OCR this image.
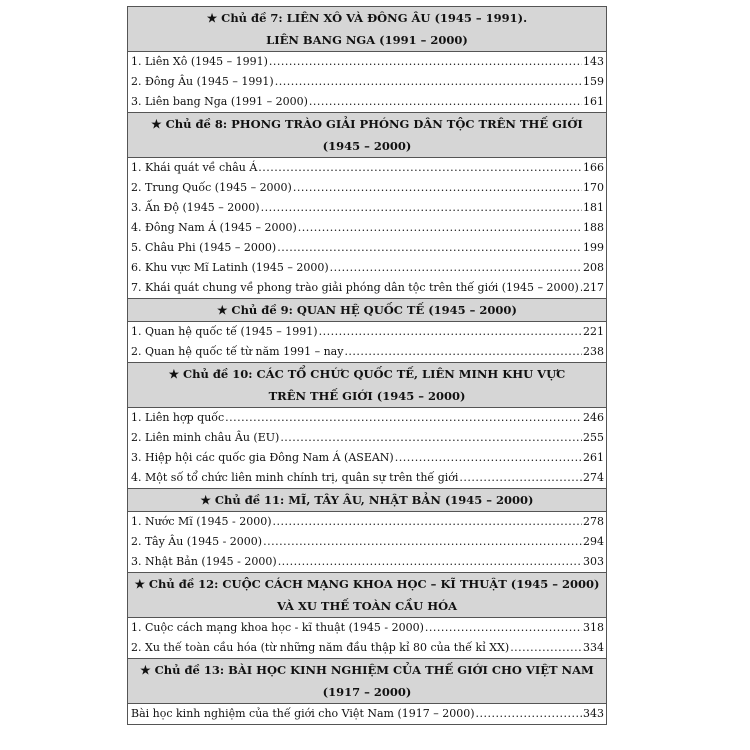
★ Chủ đề 7: LIÊN XÔ VÀ ĐÔNG ÂU (1945 – 1991).
LIÊN BANG NGA (1991 – 2000)
1. Liên Xô (1945 – 1991) .....	143
2. Đông Âu (1945 – 1991) .....	159
3. Liên bang Nga (1991 – 2000) .....	161
★ Chủ đề 8: PHONG TRÀO GIẢI PHÓNG DÂN TỘC TRÊN THẾ GIỚI
(1945 – 2000)
1. Khái quát về châu Á .....	166
2. Trung Quốc (1945 – 2000) .....	170
3. Ấn Độ (1945 – 2000) .....	181
4. Đông Nam Á (1945 – 2000) .....	188
5. Châu Phi (1945 – 2000) .....	199
6. Khu vực Mĩ Latinh (1945 – 2000) .....	208
7. Khái quát chung về phong trào giải phóng dân tộc trên thế giới (1945 – 2000) ..... 217
★ Chủ đề 9: QUAN HỆ QUỐC TẾ (1945 – 2000)
1. Quan hệ quốc tế (1945 – 1991) .....	221
2. Quan hệ quốc tế từ năm 1991 – nay .....	238
★ Chủ đề 10: CÁC TỔ CHỨC QUỐC TẾ, LIÊN MINH KHU VỰC
TRÊN THẾ GIỚI (1945 – 2000)
1. Liên hợp quốc .....	246
2. Liên minh châu Âu (EU) .....	255
3. Hiệp hội các quốc gia Đông Nam Á (ASEAN) .....	261
4. Một số tổ chức liên minh chính trị, quân sự trên thế giới .....	274
★ Chủ đề 11: MĨ, TÂY ÂU, NHẬT BẢN (1945 – 2000)
1. Nước Mĩ (1945 - 2000) .....	278
2. Tây Âu (1945 - 2000) .....	294
3. Nhật Bản (1945 - 2000) .....	303
★ Chủ đề 12: CUỘC CÁCH MẠNG KHOA HỌC – KĨ THUẬT (1945 – 2000)
VÀ XU THẾ TOÀN CẦU HÓA
1. Cuộc cách mạng khoa học - kĩ thuật (1945 - 2000) .....	318
2. Xu thế toàn cầu hóa (từ những năm đầu thập kỉ 80 của thế kỉ XX) .....	334
★ Chủ đề 13: BÀI HỌC KINH NGHIỆM CỦA THẾ GIỚI CHO VIỆT NAM
(1917 – 2000)
Bài học kinh nghiệm của thế giới cho Việt Nam (1917 – 2000) .....	343
